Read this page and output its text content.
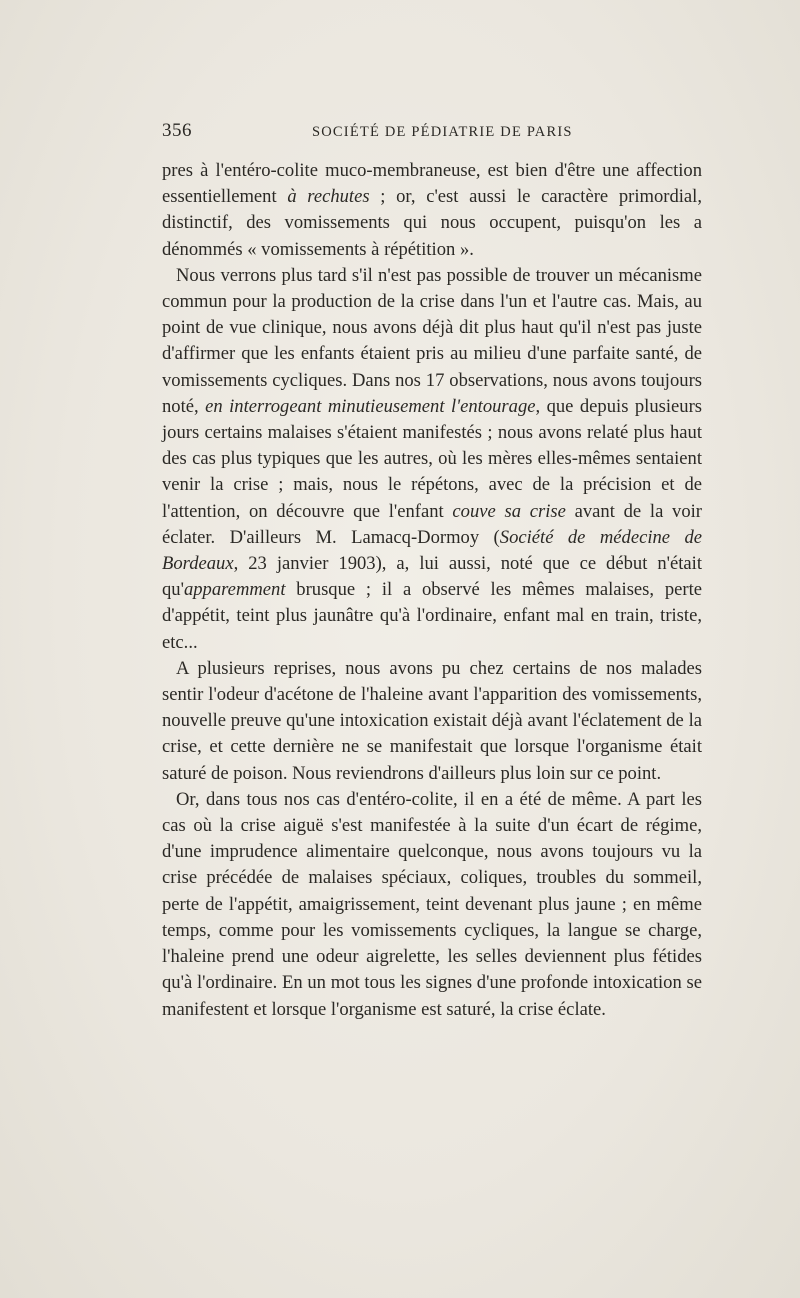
356	SOCIÉTÉ DE PÉDIATRIE DE PARIS

pres à l'entéro-colite muco-membraneuse, est bien d'être une affection essentiellement à rechutes ; or, c'est aussi le caractère primordial, distinctif, des vomissements qui nous occupent, puisqu'on les a dénommés « vomissements à répétition ».

Nous verrons plus tard s'il n'est pas possible de trouver un mécanisme commun pour la production de la crise dans l'un et l'autre cas. Mais, au point de vue clinique, nous avons déjà dit plus haut qu'il n'est pas juste d'affirmer que les enfants étaient pris au milieu d'une parfaite santé, de vomissements cycliques. Dans nos 17 observations, nous avons toujours noté, en interrogeant minutieusement l'entourage, que depuis plusieurs jours certains malaises s'étaient manifestés ; nous avons relaté plus haut des cas plus typiques que les autres, où les mères elles-mêmes sentaient venir la crise ; mais, nous le répétons, avec de la précision et de l'attention, on découvre que l'enfant couve sa crise avant de la voir éclater. D'ailleurs M. Lamacq-Dormoy (Société de médecine de Bordeaux, 23 janvier 1903), a, lui aussi, noté que ce début n'était qu'apparemment brusque ; il a observé les mêmes malaises, perte d'appétit, teint plus jaunâtre qu'à l'ordinaire, enfant mal en train, triste, etc...

A plusieurs reprises, nous avons pu chez certains de nos malades sentir l'odeur d'acétone de l'haleine avant l'apparition des vomissements, nouvelle preuve qu'une intoxication existait déjà avant l'éclatement de la crise, et cette dernière ne se manifestait que lorsque l'organisme était saturé de poison. Nous reviendrons d'ailleurs plus loin sur ce point.

Or, dans tous nos cas d'entéro-colite, il en a été de même. A part les cas où la crise aiguë s'est manifestée à la suite d'un écart de régime, d'une imprudence alimentaire quelconque, nous avons toujours vu la crise précédée de malaises spéciaux, coliques, troubles du sommeil, perte de l'appétit, amaigrissement, teint devenant plus jaune ; en même temps, comme pour les vomissements cycliques, la langue se charge, l'haleine prend une odeur aigrelette, les selles deviennent plus fétides qu'à l'ordinaire. En un mot tous les signes d'une profonde intoxication se manifestent et lorsque l'organisme est saturé, la crise éclate.
